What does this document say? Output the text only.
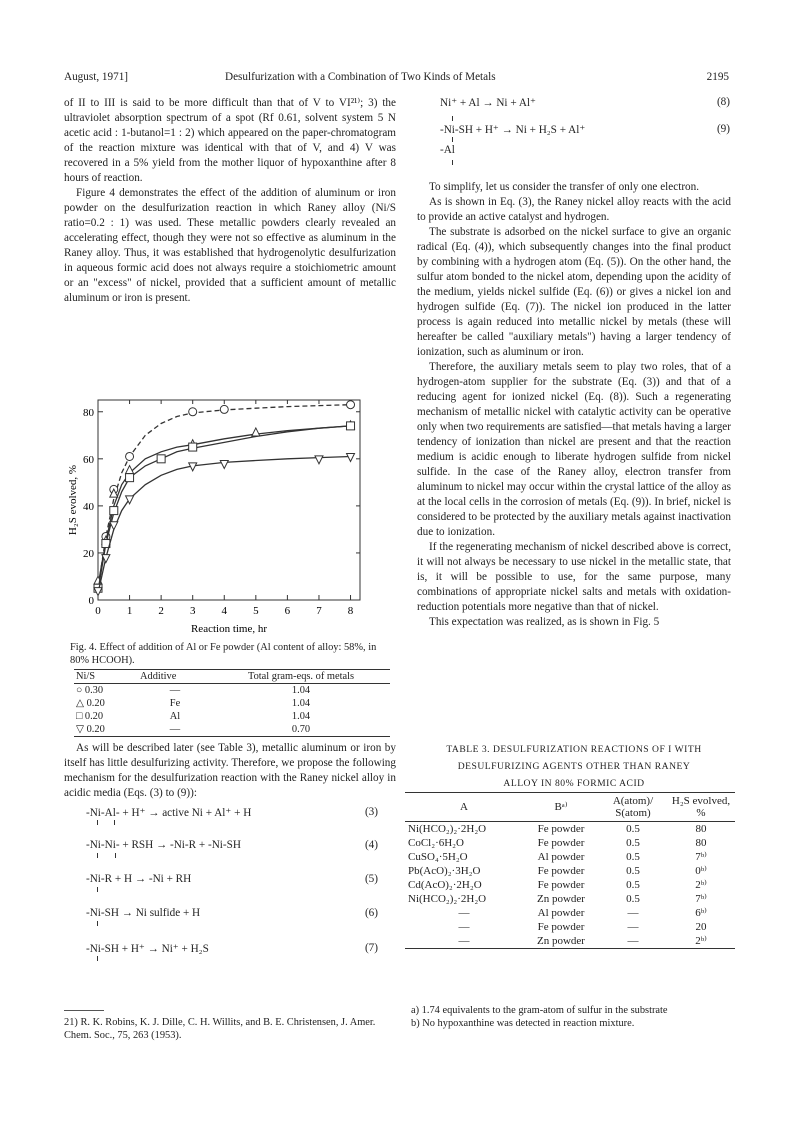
August, 1971]	Desulfurization with a Combination of Two Kinds of Metals	2195

of II to III is said to be more difficult than that of V to VI²¹⁾; 3) the ultraviolet absorption spectrum of a spot (Rf 0.61, solvent system 5 N acetic acid : 1-butanol=1 : 2) which appeared on the paper-chromatogram of the reaction mixture was identical with that of V, and 4) V was recovered in a 5% yield from the mother liquor of hypoxanthine after 8 hours of reaction.

Figure 4 demonstrates the effect of the addition of aluminum or iron powder on the desulfurization reaction in which Raney alloy (Ni/S ratio=0.2 : 1) was used. These metallic powders clearly revealed an accelerating effect, though they were not so effective as aluminum in the Raney alloy. Thus, it was established that hydrogenolytic desulfurization in aqueous formic acid does not always require a stoichiometric amount or an "excess" of nickel, provided that a sufficient amount of metallic aluminum or iron is present.

0 1 2 3 4 5 6 7 8
0
20
40
60
80
Reaction time, hr
H₂S evolved, %
Fig. 4. Effect of addition of Al or Fe powder (Al content of alloy: 58%, in 80% HCOOH).
Ni/S	Additive	Total gram-eqs. of metals
○ 0.30	—	1.04
△ 0.20	Fe	1.04
□ 0.20	Al	1.04
▽ 0.20	—	0.70

As will be described later (see Table 3), metallic aluminum or iron by itself has little desulfurizing activity. Therefore, we propose the following mechanism for the desulfurization reaction with the Raney nickel alloy in acidic media (Eqs. (3) to (9)):

-Ni-Al- + H⁺ → active Ni + Al⁺ + H	(3)
-Ni-Ni- + RSH → -Ni-R + -Ni-SH	(4)
-Ni-R + H → -Ni + RH	(5)
-Ni-SH → Ni sulfide + H	(6)
-Ni-SH + H⁺ → Ni⁺ + H₂S	(7)
21) R. K. Robins, K. J. Dille, C. H. Willits, and B. E. Christensen, J. Amer. Chem. Soc., 75, 263 (1953).
Ni⁺ + Al → Ni + Al⁺	(8)
-Ni-SH + H⁺ → Ni + H₂S + Al⁺	(9)
-Al

To simplify, let us consider the transfer of only one electron.

As is shown in Eq. (3), the Raney nickel alloy reacts with the acid to provide an active catalyst and hydrogen.

The substrate is adsorbed on the nickel surface to give an organic radical (Eq. (4)), which subsequently changes into the final product by combining with a hydrogen atom (Eq. (5)). On the other hand, the sulfur atom bonded to the nickel atom, depending upon the acidity of the medium, yields nickel sulfide (Eq. (6)) or gives a nickel ion and hydrogen sulfide (Eq. (7)). The nickel ion produced in the latter process is again reduced into metallic nickel by metals (these will hereafter be called "auxiliary metals") having a larger tendency of ionization, such as aluminum or iron.

Therefore, the auxiliary metals seem to play two roles, that of a hydrogen-atom supplier for the substrate (Eq. (3)) and that of a reducing agent for ionized nickel (Eq. (8)). Such a regenerating mechanism of metallic nickel with catalytic activity can be operative only when two requirements are satisfied—that metals having a larger tendency of ionization than nickel are present and that the reaction medium is acidic enough to liberate hydrogen sulfide from nickel sulfide. In the case of the Raney alloy, electron transfer from aluminum to nickel may occur within the crystal lattice of the alloy as at the local cells in the corrosion of metals (Eq. (9)). In brief, nickel is considered to be protected by the auxiliary metals against inactivation due to ionization.

If the regenerating mechanism of nickel described above is correct, it will not always be necessary to use nickel in the metallic state, that is, it will be possible to use, for the same purpose, many combinations of appropriate nickel salts and metals with oxidation-reduction potentials more negative than that of nickel.

This expectation was realized, as is shown in Fig. 5

TABLE 3. DESULFURIZATION REACTIONS OF I WITH
DESULFURIZING AGENTS OTHER THAN RANEY
ALLOY IN 80% FORMIC ACID
A	Bᵃ⁾	A(atom)/ S(atom)	H₂S evolved, %
Ni(HCO₂)₂·2H₂O	Fe powder	0.5	80
CoCl₂·6H₂O	Fe powder	0.5	80
CuSO₄·5H₂O	Al powder	0.5	7ᵇ⁾
Pb(AcO)₂·3H₂O	Fe powder	0.5	0ᵇ⁾
Cd(AcO)₂·2H₂O	Fe powder	0.5	2ᵇ⁾
Ni(HCO₂)₂·2H₂O	Zn powder	0.5	7ᵇ⁾
—	Al powder	—	6ᵇ⁾
—	Fe powder	—	20
—	Zn powder	—	2ᵇ⁾
a) 1.74 equivalents to the gram-atom of sulfur in the substrate
b) No hypoxanthine was detected in reaction mixture.
